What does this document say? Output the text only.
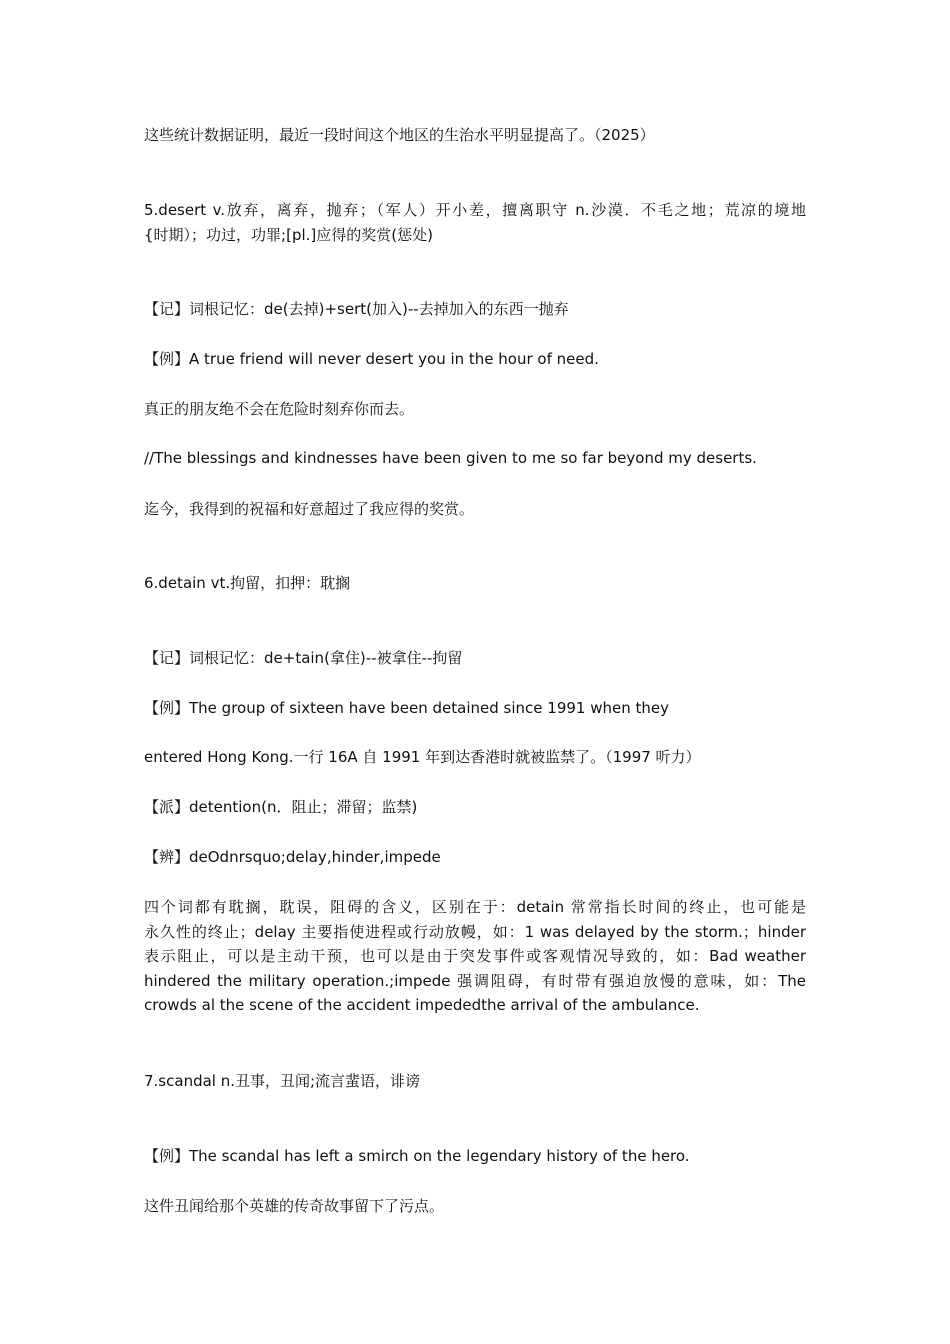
这些统计数据证明，最近一段时间这个地区的生治水平明显提高了。（2025）
5.desert v.放弃，离弃，抛弃；（军人）开小差，擅离职守 n.沙漠．不毛之地；荒凉的境地
{时期）；功过，功罪;[pl.]应得的奖赏(惩处)
【记】词根记忆：de(去掉)+sert(加入)--去掉加入的东西一抛弃
【例】A true friend will never desert you in the hour of need.
真正的朋友绝不会在危险时刻弃你而去。
//The blessings and kindnesses have been given to me so far beyond my deserts.
迄今，我得到的祝福和好意超过了我应得的奖赏。
6.detain vt.拘留，扣押：耽搁
【记】词根记忆：de+tain(拿住)--被拿住--拘留
【例】The group of sixteen have been detained since 1991 when they
entered Hong Kong.一行 16A 自 1991 年到达香港时就被监禁了。（1997 听力）
【派】detention(n．阻止；滞留；监禁)
【辨】deOdnrsquo;delay,hinder,impede
四个词都有耽搁，耽误，阻碍的含义，区别在于：detain 常常指长时间的终止，也可能是
永久性的终止；delay 主要指使进程或行动放幔，如：1 was delayed by the storm.；hinder
表示阻止，可以是主动干预，也可以是由于突发事件或客观情况导致的，如：Bad weather
hindered the military operation.;impede 强调阻碍，有时带有强迫放慢的意味，如：The
crowds al the scene of the accident impededthe arrival of the ambulance.
7.scandal n.丑事，丑闻;流言蜚语，诽谤
【例】The scandal has left a smirch on the legendary history of the hero.
这件丑闻给那个英雄的传奇故事留下了污点。
